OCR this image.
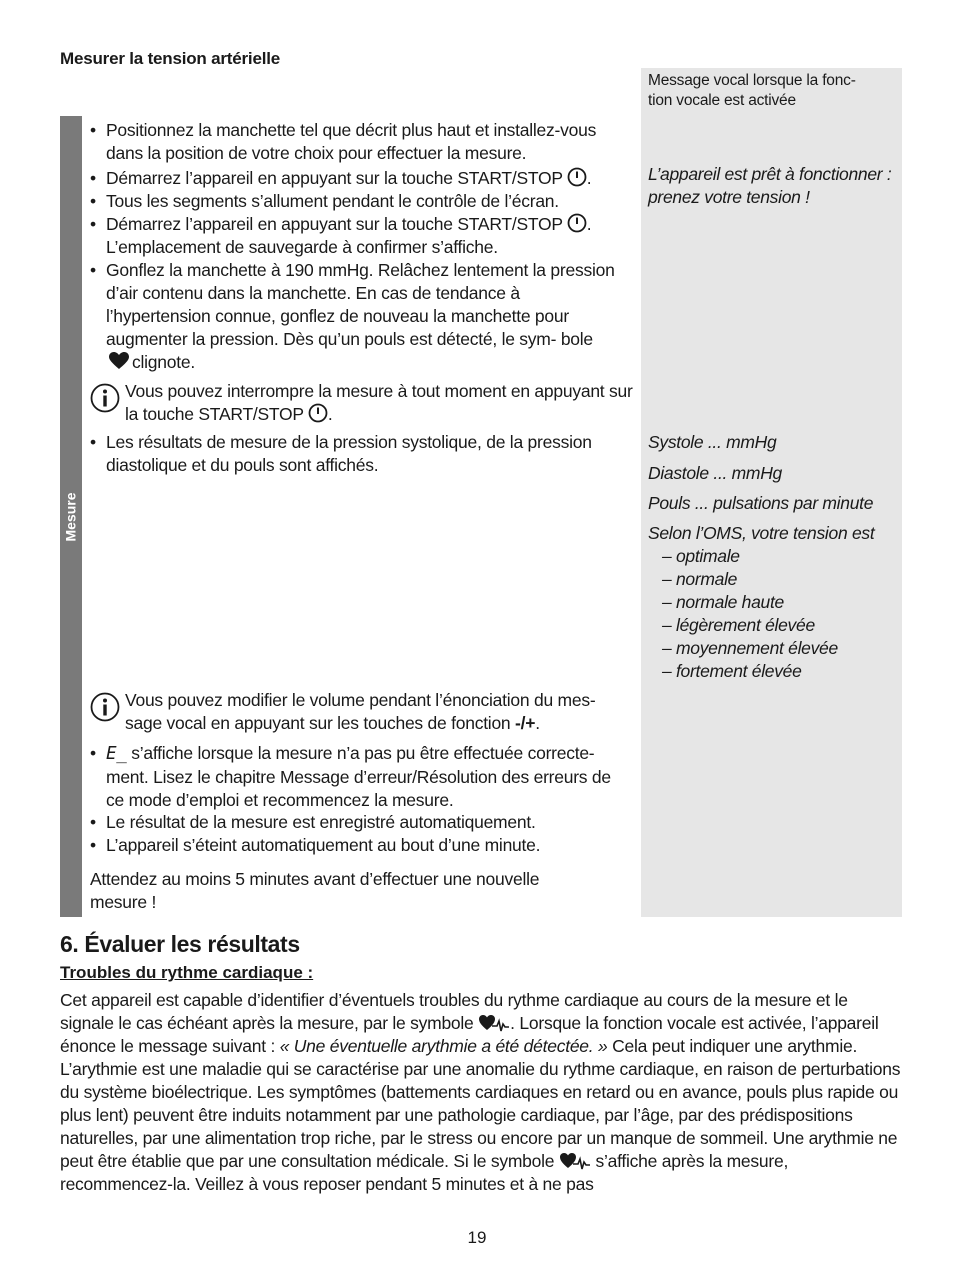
Mesurer la tension artérielle
Mesure
Message vocal lorsque la fonc-
tion vocale est activée
L’appareil est prêt à fonctionner : prenez votre tension !
Systole ... mmHg
Diastole ... mmHg
Pouls ... pulsations par minute
Selon l’OMS, votre tension est
– optimale
– normale
– normale haute
– légèrement élevée
– moyennement élevée
– fortement élevée
• Positionnez la manchette tel que décrit plus haut et installez-vous dans la position de votre choix pour effectuer la mesure.
• Démarrez l’appareil en appuyant sur la touche START/STOP .
• Tous les segments s’allument pendant le contrôle de l’écran.
• Démarrez l’appareil en appuyant sur la touche START/STOP .
L’emplacement de sauvegarde à confirmer s’affiche.
• Gonflez la manchette à 190 mmHg. Relâchez lentement la pression d’air contenu dans la manchette. En cas de tendance à l’hypertension connue, gonflez de nouveau la manchette pour augmenter la pression. Dès qu’un pouls est détecté, le sym- boleclignote.
Vous pouvez interrompre la mesure à tout moment en appuyant sur la touche START/STOP .
• Les résultats de mesure de la pression systolique, de la pression diastolique et du pouls sont affichés.
Vous pouvez modifier le volume pendant l’énonciation du mes- sage vocal en appuyant sur les touches de fonction -/+.
• E_ s’affiche lorsque la mesure n’a pas pu être effectuée correcte- ment. Lisez le chapitre Message d’erreur/Résolution des erreurs de ce mode d’emploi et recommencez la mesure.
• Le résultat de la mesure est enregistré automatiquement.
• L’appareil s’éteint automatiquement au bout d’une minute.
Attendez au moins 5 minutes avant d’effectuer une nouvelle mesure !
6. Évaluer les résultats
Troubles du rythme cardiaque :
Cet appareil est capable d’identifier d’éventuels troubles du rythme cardiaque au cours de la mesure et le signale le cas échéant après la mesure, par le symbole . Lorsque la fonction vocale est activée, l’appareil énonce le message suivant : « Une éventuelle arythmie a été détectée. » Cela peut indiquer une arythmie. L’arythmie est une maladie qui se caractérise par une anomalie du rythme cardiaque, en raison de perturbations du système bioélectrique. Les symptômes (battements cardiaques en retard ou en avance, pouls plus rapide ou plus lent) peuvent être induits notamment par une pathologie cardiaque, par l’âge, par des prédispositions naturelles, par une alimentation trop riche, par le stress ou encore par un manque de sommeil. Une arythmie ne peut être établie que par une consultation médicale. Si le symbole s’affiche après la mesure, recommencez-la. Veillez à vous reposer pendant 5 minutes et à ne pas
19
